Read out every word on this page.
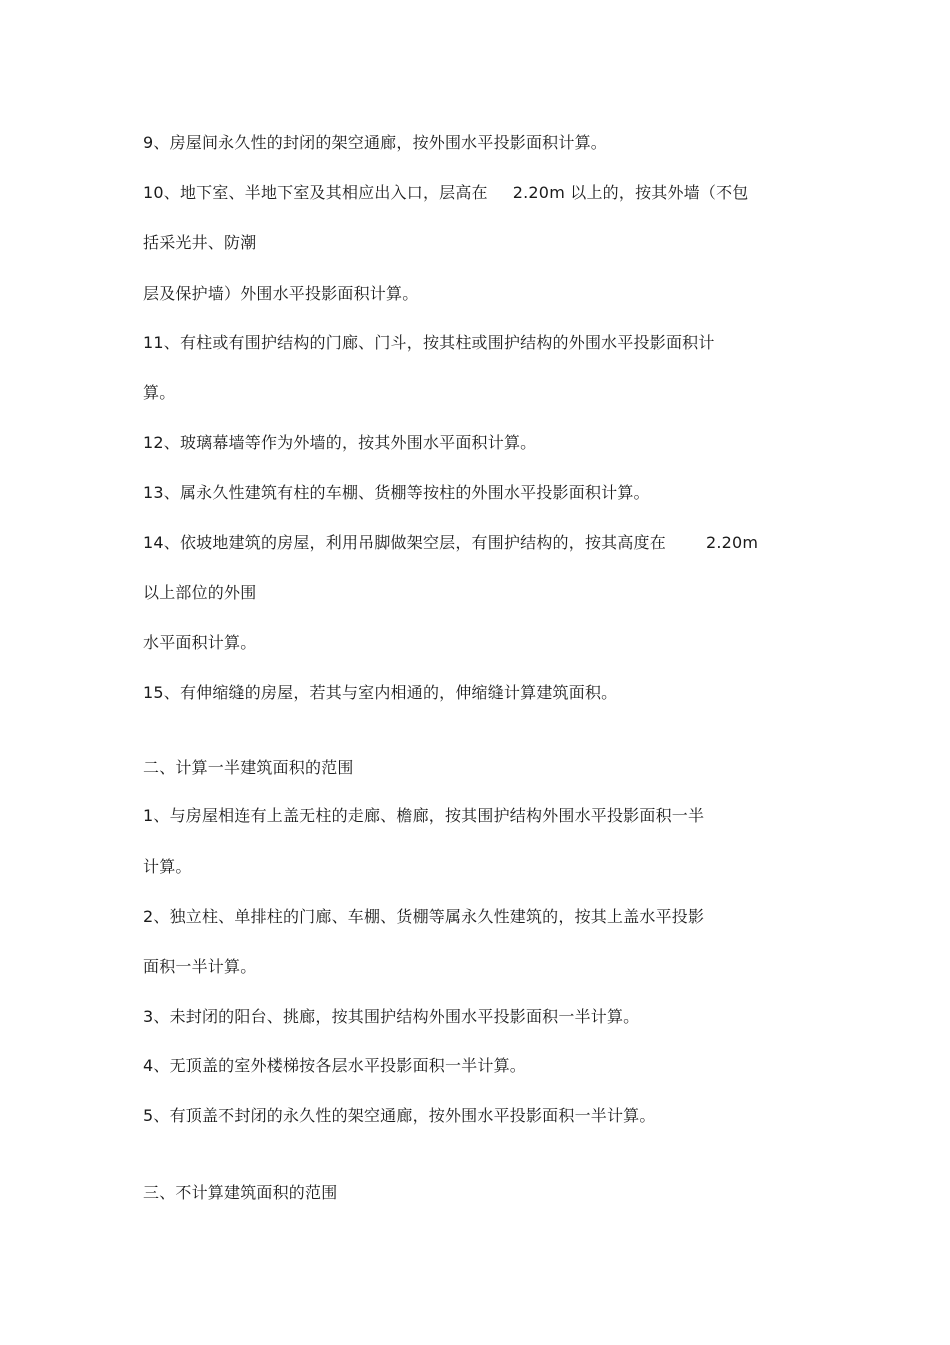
9、房屋间永久性的封闭的架空通廊，按外围水平投影面积计算。
10、地下室、半地下室及其相应出入口，层高在 2.20m 以上的，按其外墙（不包
括采光井、防潮
层及保护墙）外围水平投影面积计算。
11、有柱或有围护结构的门廊、门斗，按其柱或围护结构的外围水平投影面积计
算。
12、玻璃幕墙等作为外墙的，按其外围水平面积计算。
13、属永久性建筑有柱的车棚、货棚等按柱的外围水平投影面积计算。
14、依坡地建筑的房屋，利用吊脚做架空层，有围护结构的，按其高度在	2.20m
以上部位的外围
水平面积计算。
15、有伸缩缝的房屋，若其与室内相通的，伸缩缝计算建筑面积。
二、计算一半建筑面积的范围
1、与房屋相连有上盖无柱的走廊、檐廊，按其围护结构外围水平投影面积一半
计算。
2、独立柱、单排柱的门廊、车棚、货棚等属永久性建筑的，按其上盖水平投影
面积一半计算。
3、未封闭的阳台、挑廊，按其围护结构外围水平投影面积一半计算。
4、无顶盖的室外楼梯按各层水平投影面积一半计算。
5、有顶盖不封闭的永久性的架空通廊，按外围水平投影面积一半计算。
三、不计算建筑面积的范围
